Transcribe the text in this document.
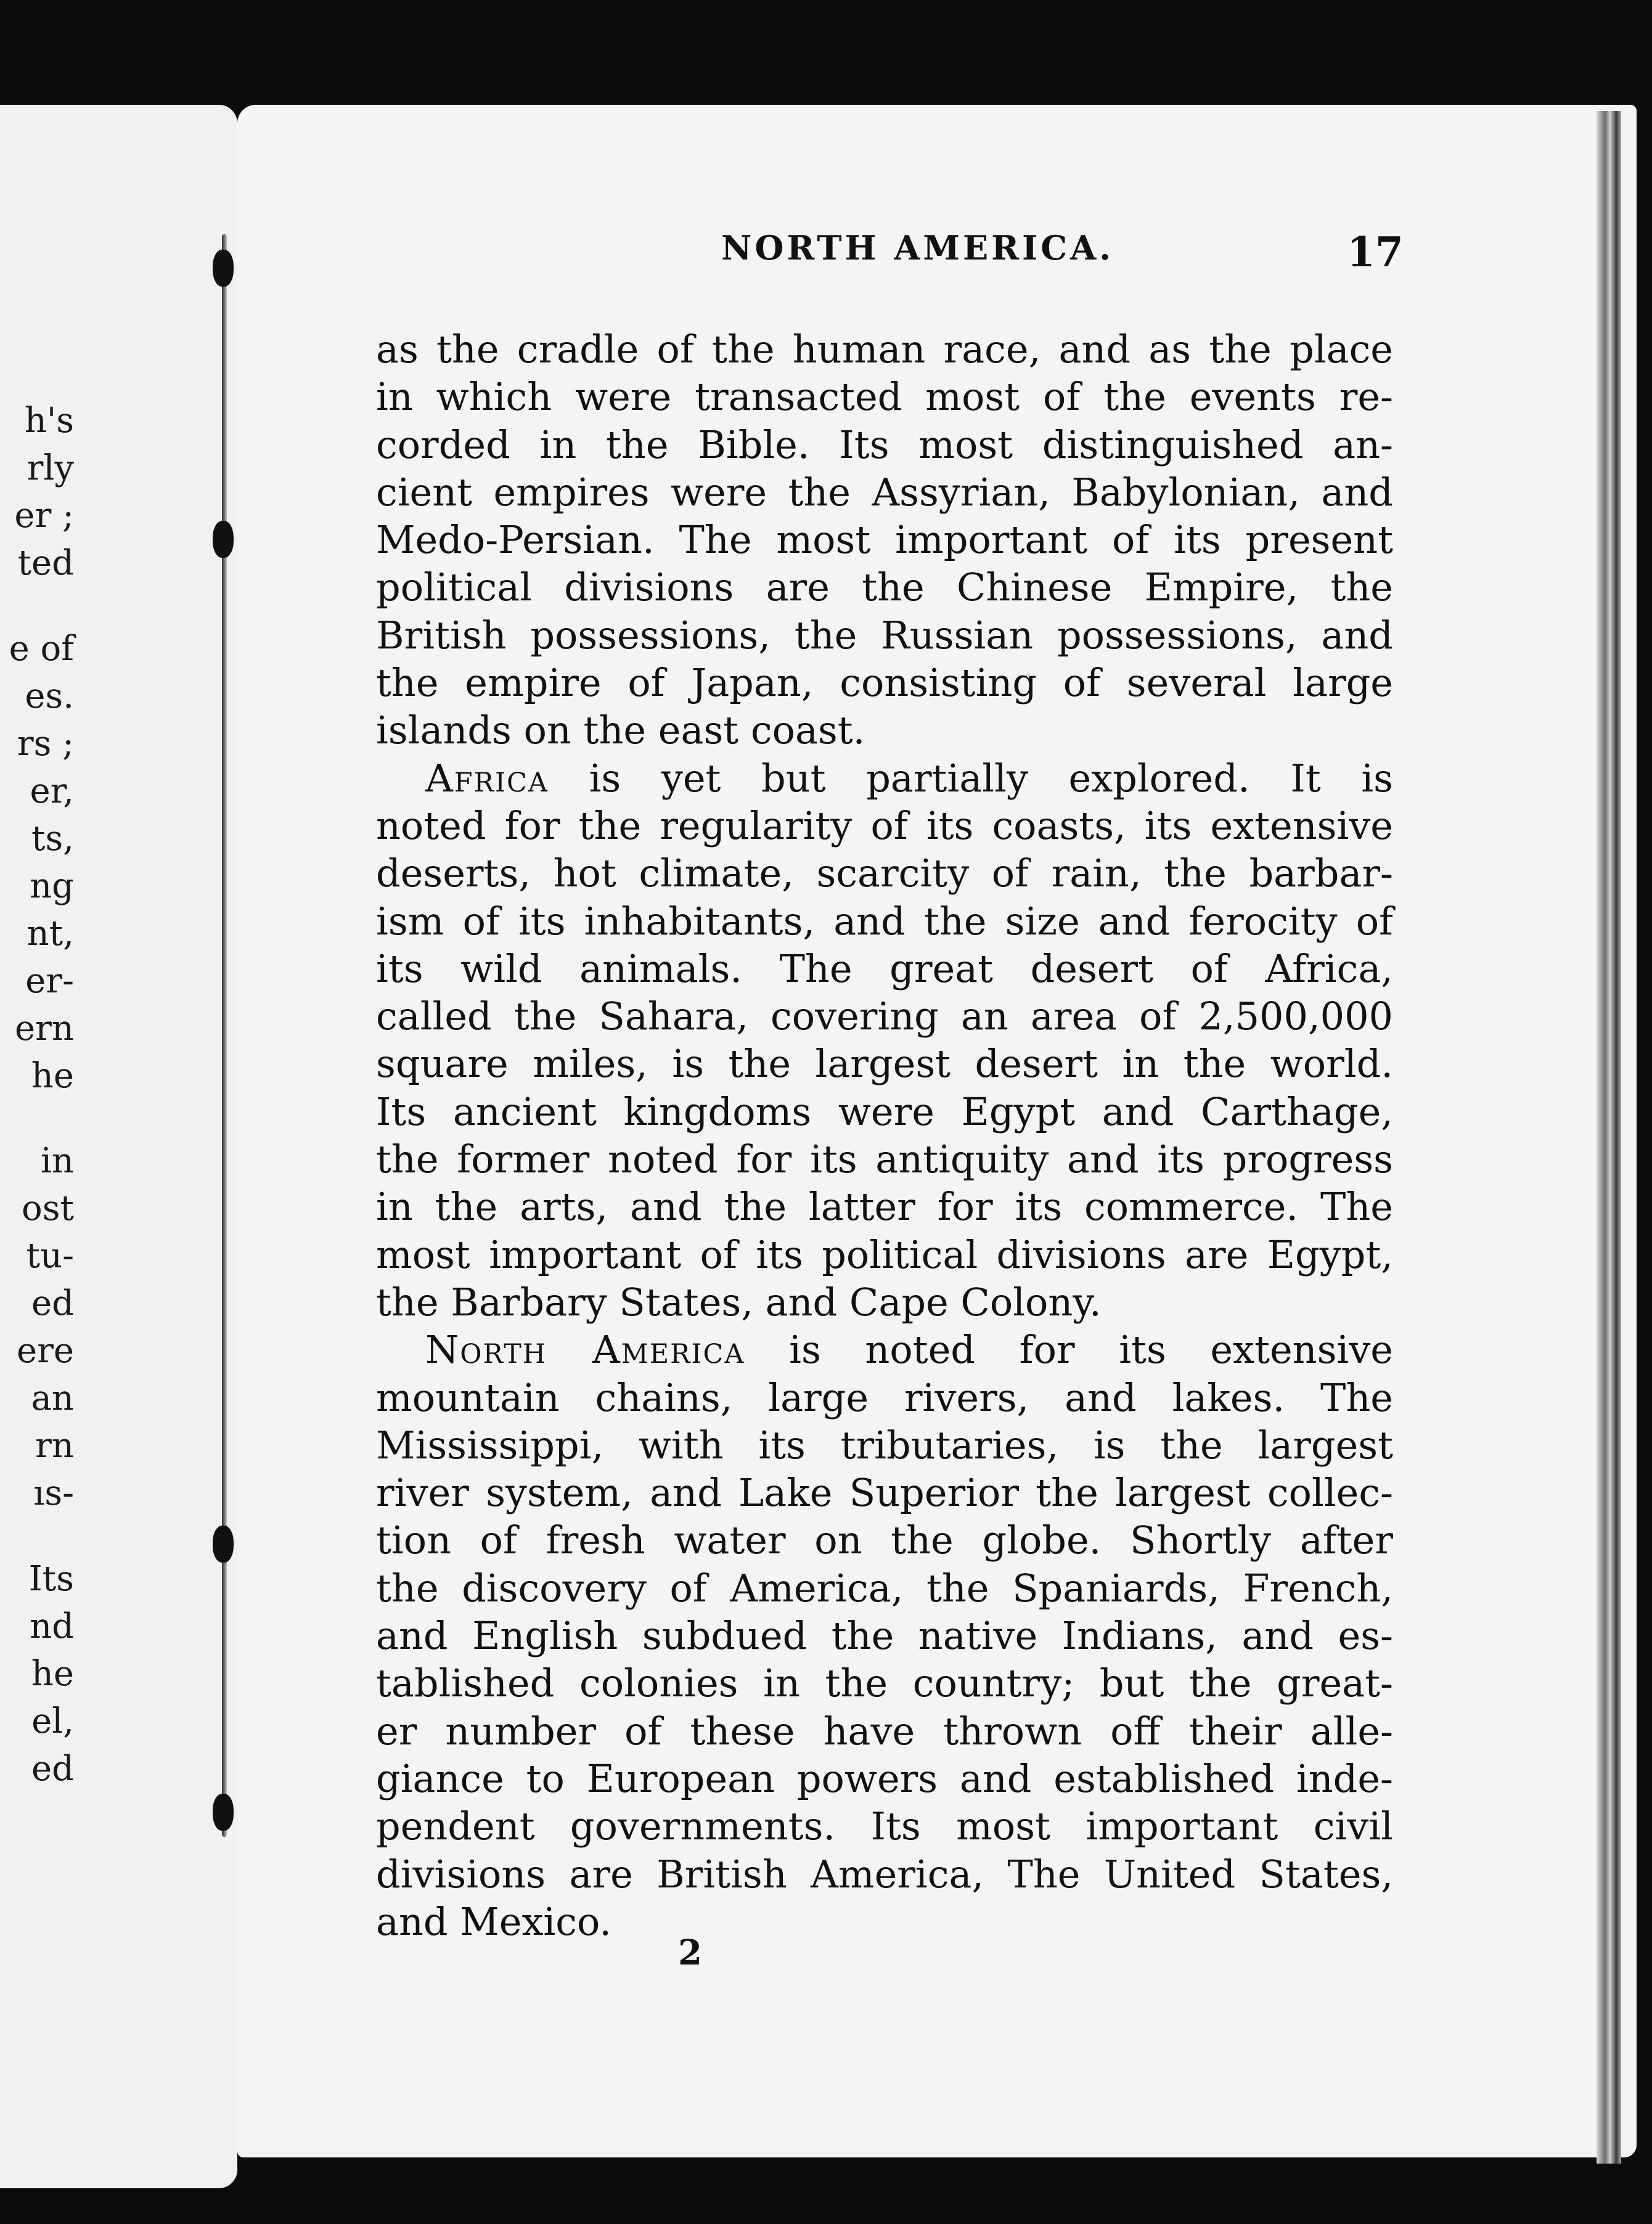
h's
rly
er ;
ted
e of
es.
rs ;
er,
ts,
ng
nt,
er-
ern
he
in
ost
tu-
ed
ere
an
rn
ıs-
Its
nd
he
el,
ed
NORTH AMERICA.	17
as the cradle of the human race, and as the place
in which were transacted most of the events re-
corded in the Bible. Its most distinguished an-
cient empires were the Assyrian, Babylonian, and
Medo-Persian. The most important of its present
political divisions are the Chinese Empire, the
British possessions, the Russian possessions, and
the empire of Japan, consisting of several large
islands on the east coast.
Africa is yet but partially explored. It is
noted for the regularity of its coasts, its extensive
deserts, hot climate, scarcity of rain, the barbar-
ism of its inhabitants, and the size and ferocity of
its wild animals. The great desert of Africa,
called the Sahara, covering an area of 2,500,000
square miles, is the largest desert in the world.
Its ancient kingdoms were Egypt and Carthage,
the former noted for its antiquity and its progress
in the arts, and the latter for its commerce. The
most important of its political divisions are Egypt,
the Barbary States, and Cape Colony.
North America is noted for its extensive
mountain chains, large rivers, and lakes. The
Mississippi, with its tributaries, is the largest
river system, and Lake Superior the largest collec-
tion of fresh water on the globe. Shortly after
the discovery of America, the Spaniards, French,
and English subdued the native Indians, and es-
tablished colonies in the country; but the great-
er number of these have thrown off their alle-
giance to European powers and established inde-
pendent governments. Its most important civil
divisions are British America, The United States,
and Mexico.
2
